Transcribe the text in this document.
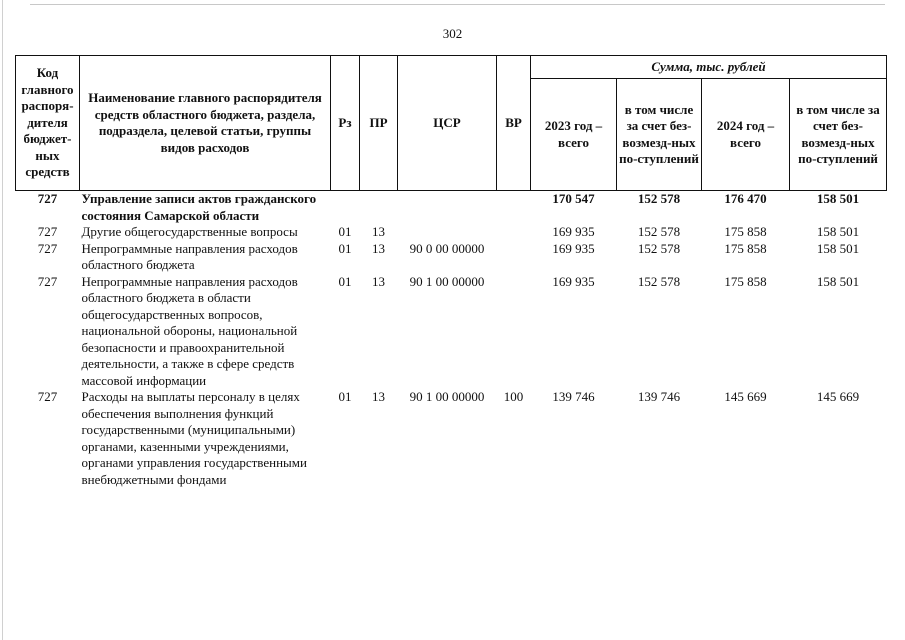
302
Код главного распоря-дителя бюджет-ных средств	Наименование главного распорядителя средств областного бюджета, раздела, подраздела, целевой статьи, группы видов расходов	Рз	ПР	ЦСР	ВР	Сумма, тыс. рублей			
						2023 год – всего	в том числе за счет без-возмезд-ных по-ступлений	2024 год – всего	в том числе за счет без-возмезд-ных по-ступлений
727	Управление записи актов гражданского состояния Самарской области					170 547	152 578	176 470	158 501
727	Другие общегосударственные вопросы	01	13			169 935	152 578	175 858	158 501
727	Непрограммные направления расходов областного бюджета	01	13	90 0 00 00000		169 935	152 578	175 858	158 501
727	Непрограммные направления расходов областного бюджета в области общегосударственных вопросов, национальной обороны, национальной безопасности и правоохранительной деятельности, а также в сфере средств массовой информации	01	13	90 1 00 00000		169 935	152 578	175 858	158 501
727	Расходы на выплаты персоналу в целях обеспечения выполнения функций государственными (муниципальными) органами, казенными учреждениями, органами управления государственными внебюджетными фондами	01	13	90 1 00 00000	100	139 746	139 746	145 669	145 669
